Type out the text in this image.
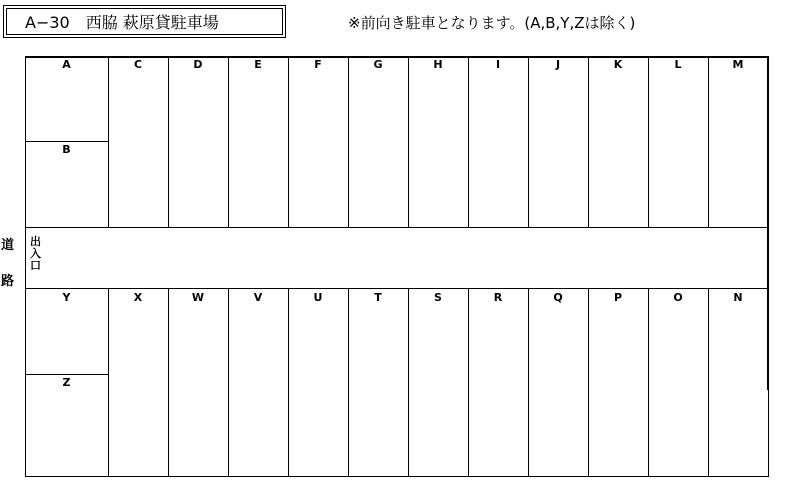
A−30　西脇 萩原貸駐車場	※前向き駐車となります。(A,B,Y,Zは除く)
道
路
出
入
口
A
B
C	D	E	F	G	H	I	J	K	L	M
Y
Z
X	W	V	U	T	S	R	Q	P	O	N
